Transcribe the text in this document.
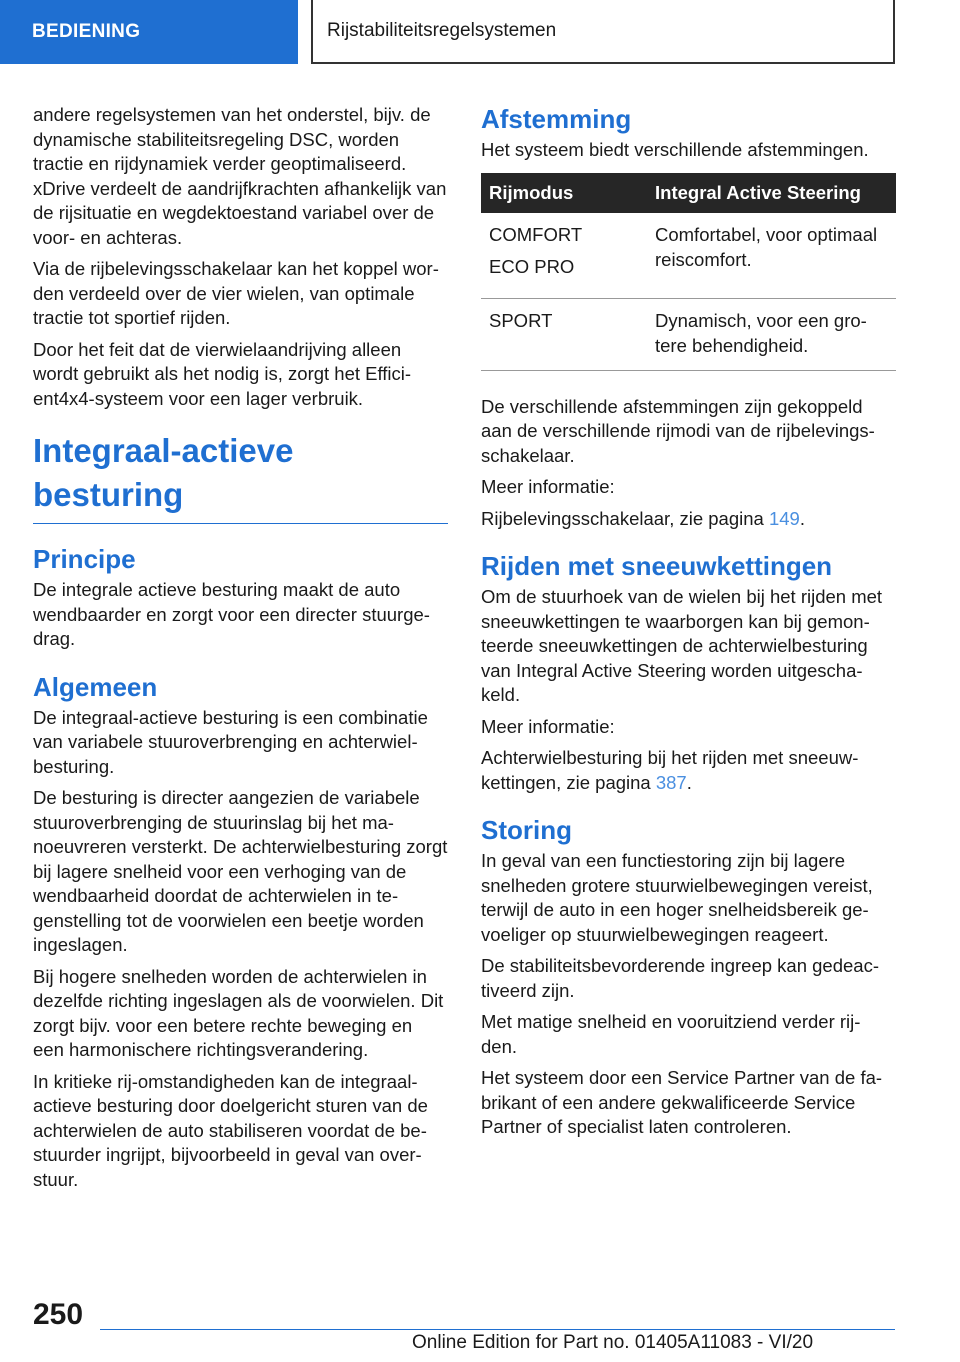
BEDIENING	Rijstabiliteitsregelsystemen

andere regelsystemen van het onderstel, bijv. de dynamische stabiliteitsregeling DSC, worden tractie en rijdynamiek verder geoptimaliseerd. xDrive verdeelt de aandrijfkrachten afhankelijk van de rijsituatie en wegdektoestand variabel over de voor- en achteras.

Via de rijbelevingsschakelaar kan het koppel wor-den verdeeld over de vier wielen, van optimale tractie tot sportief rijden.

Door het feit dat de vierwielaandrijving alleen wordt gebruikt als het nodig is, zorgt het Effici-ent4x4-systeem voor een lager verbruik.

Integraal-actieve besturing
Principe

De integrale actieve besturing maakt de auto wendbaarder en zorgt voor een directer stuurge-drag.

Algemeen

De integraal-actieve besturing is een combinatie van variabele stuuroverbrenging en achterwiel-besturing.

De besturing is directer aangezien de variabele stuuroverbrenging de stuurinslag bij het ma-noeuvreren versterkt. De achterwielbesturing zorgt bij lagere snelheid voor een verhoging van de wendbaarheid doordat de achterwielen in te-genstelling tot de voorwielen een beetje worden ingeslagen.

Bij hogere snelheden worden de achterwielen in dezelfde richting ingeslagen als de voorwielen. Dit zorgt bijv. voor een betere rechte beweging en een harmonischere richtingsverandering.

In kritieke rij-omstandigheden kan de integraal-actieve besturing door doelgericht sturen van de achterwielen de auto stabiliseren voordat de be-stuurder ingrijpt, bijvoorbeeld in geval van over-stuur.

Afstemming

Het systeem biedt verschillende afstemmingen.

Rijmodus	Integral Active Steering

COMFORT
ECO PRO	Comfortabel, voor optimaal reiscomfort.

SPORT	Dynamisch, voor een gro-tere behendigheid.

De verschillende afstemmingen zijn gekoppeld aan de verschillende rijmodi van de rijbelevings-schakelaar.

Meer informatie:

Rijbelevingsschakelaar, zie pagina 149.

Rijden met sneeuwkettingen

Om de stuurhoek van de wielen bij het rijden met sneeuwkettingen te waarborgen kan bij gemon-teerde sneeuwkettingen de achterwielbesturing van Integral Active Steering worden uitgescha-keld.

Meer informatie:

Achterwielbesturing bij het rijden met sneeuw-kettingen, zie pagina 387.

Storing

In geval van een functiestoring zijn bij lagere snelheden grotere stuurwielbewegingen vereist, terwijl de auto in een hoger snelheidsbereik ge-voeliger op stuurwielbewegingen reageert.

De stabiliteitsbevorderende ingreep kan gedeac-tiveerd zijn.

Met matige snelheid en vooruitziend verder rij-den.

Het systeem door een Service Partner van de fa-brikant of een andere gekwalificeerde Service Partner of specialist laten controleren.

250
Online Edition for Part no. 01405A11083 - VI/20
